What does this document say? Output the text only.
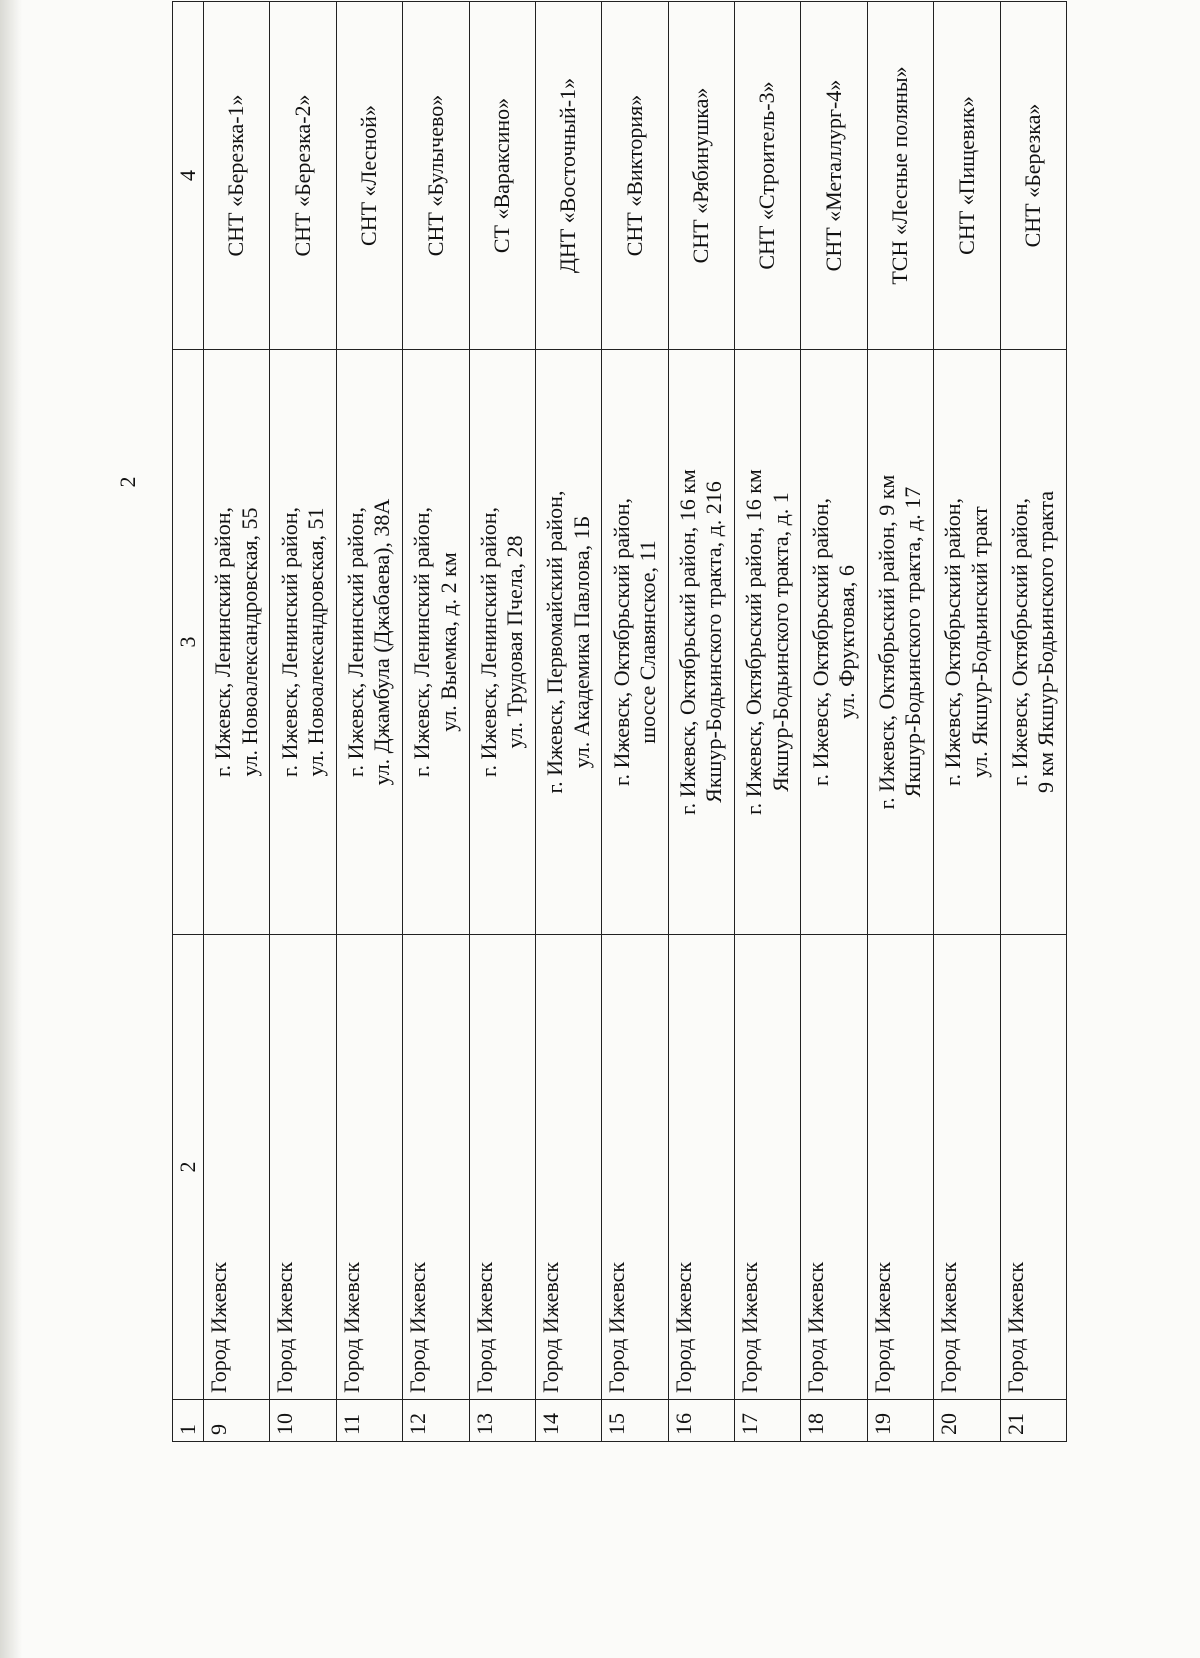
2
1	2	3	4
9	Город Ижевск	г. Ижевск, Ленинский район, ул. Новоалександровская, 55	СНТ «Березка-1»
10	Город Ижевск	г. Ижевск, Ленинский район, ул. Новоалександровская, 51	СНТ «Березка-2»
11	Город Ижевск	г. Ижевск, Ленинский район, ул. Джамбула (Джабаева), 38А	СНТ «Лесной»
12	Город Ижевск	г. Ижевск, Ленинский район, ул. Выемка, д. 2 км	СНТ «Булычево»
13	Город Ижевск	г. Ижевск, Ленинский район, ул. Трудовая Пчела, 28	СТ «Вараксино»
14	Город Ижевск	г. Ижевск, Первомайский район, ул. Академика Павлова, 1Б	ДНТ «Восточный-1»
15	Город Ижевск	г. Ижевск, Октябрьский район, шоссе Славянское, 11	СНТ «Виктория»
16	Город Ижевск	г. Ижевск, Октябрьский район, 16 км Якшур-Бодьинского тракта, д. 216	СНТ «Рябинушка»
17	Город Ижевск	г. Ижевск, Октябрьский район, 16 км Якшур-Бодьинского тракта, д. 1	СНТ «Строитель-3»
18	Город Ижевск	г. Ижевск, Октябрьский район, ул. Фруктовая, 6	СНТ «Металлург-4»
19	Город Ижевск	г. Ижевск, Октябрьский район, 9 км Якшур-Бодьинского тракта, д. 17	ТСН «Лесные поляны»
20	Город Ижевск	г. Ижевск, Октябрьский район, ул. Якшур-Бодьинский тракт	СНТ «Пищевик»
21	Город Ижевск	г. Ижевск, Октябрьский район, 9 км Якшур-Бодьинского тракта	СНТ «Березка»
